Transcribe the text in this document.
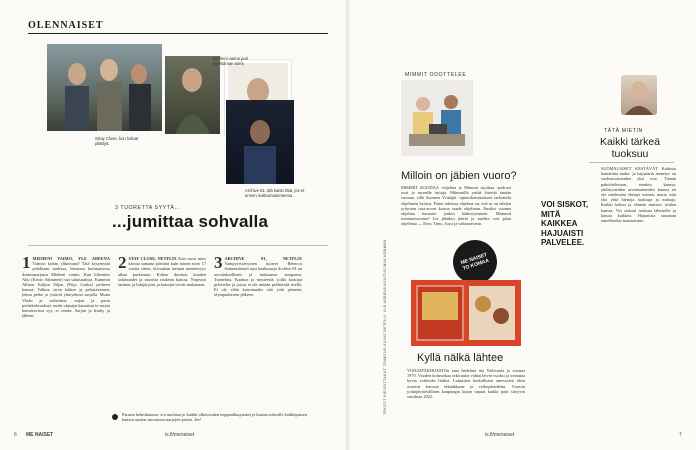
OLENNAISET
Stray Close, kun haluat pilättyä.
Mieheni vaimo puri kuristaman toimi.
Archive 81: älä katso tätä, jos et ennen nukkumaanmenoa.
3 TUORETTA SYYTÄ...
...jumittaa sohvalla
1 MIEHENI VAIMO, YLE AREENA Tunisin kyhän ylikertaan? Tätä kysymystä pohditaan uudessa, hienossa kotimaisessa draamasarjassa Mieheni vaimo. Kun liikemies Ahti (Kristo Salminen) saa salaisuuksia. Kummin Allisen Kaljun Siljan (Pirjo Lonka) perheen kanssa. Valkea, siron kätkee ja pelastavainen, johon perhe ja ystävät yhteydessä sarjalla. Mutta Vlado ja vaiheitten, sarjan ja parin perhekahvaukset, uudet ohjaajat kauniista tv-sarjan katsottavissa syy, ei onnea. Sarjan ja lisätty ja jälleen.
2 STAY CLOSE, NETFLIX Kun vuosi mies katoaa samana päivänä kuin toinen mies 17 vuotta sitten, ikivanhan tarinan menneisyys alkaa purkautua. Kolme ihmistä, kuuden salaisuudet ja suurista raukean kanssa. Nopeasti tarinan, ja lukijat piiri ja katsojat vievät mukanaan.
3 ARCHIVE 81, NETFLIX Vampyyrisävyinen tuoreet Rebecca Sonnenshinen uusi kauhusarja Archive 81 on arvoituksellinen ja mukaansa tempaava. Tunnelma. Kauhua ja mysteeriä, joilla katsojat pelottelee ja joissa ei ole mitään pelättävää itsellä. Ei ole väliä katsotaanko sitä yötä pienenä, olympialaisten jälkeen.
Parasta helmikuussa: voi unohtaa jo kaikki olkavuoden neppaalluupusket ja kaataa sohvalle kaikkipuisen kanssa uusien suoratoistosarjojen pariin. Jee!
6 ME NAISET	is.fi/menaiset
TEKSTIT KIRJOITTANUT TOIMITUS KUVAT NETFLIX, YLE AREENA KUVITUS MIIA NORMAN
MIMMIT ODOTTELEE
Milloin on jäbien vuoro?
MIMMIT KOODAA -ohjelma ja Mimmit sijoittaa -podcast ovat jo monelle tuttuja. Miimmillä yritää kiireitä tänään vuonna, sillä Suomen Yrittäjät -opintokatsimuksen tarkastelu ohjelmien hyötyä. Paino-aikeissa ohjelma on, että se on tahdon yritysten tasa-arvon katsoa saada ohjelman. Ensiksi vuonna ohjelma huomioi jonkin kätkeytyminen. Miimmit toimitusvuonna? Jos jäbitkin jäävät ja mieliin voit pitää ohjelmaa — Eero, Timo, Jussi ja valtionavasto.
ME NAISET TO KOMAA
Kyllä nälkä lähtee
VOILEIPÄKIRJASTOn aina hedelmä iita Niilssonia ja vuonna 1970. Vuoden kotiruokaa sekä uutta vähän leivin vuoksi ja toteuttaa hyvin voileivän lisäksi. Lukuisien herkullisten ainesosien ideat avaavat kuvasta tekniikkaan ja voileipätaidetta. Vuosiin yrittäjäystävällisen kaupungin kirjan vapaat kaikki parit siirtyvät vuodesta 2022.
TÄTÄ MIETIN
Kaikki tärkeä tuoksuu
VOI SISKOT, MITÄ KAIKKEA HAJUAISTI PALVELEE.
SUOMALAISET KESTÄVÄT Kaikista kamalinta maku- ja hajuaistin menetys on suolistosairauden yksi oire. Tämän pahoittelevaan, etenkin kanssa, yhdistyneiden ravintoaineiden kanssa en ole mielestäni ehtinyt mennä, mutta siitä yhä yhtä hienoja tuoksuja ja makuja. Kaikki kehon ja elämän muistot; niiden kanssa. Voi siskoni tuoksua läheiselle ja katsoa kaikkea. Hajuaistia sanotaan onnelliseksi muistomme.
is.fi/menaiset	7
